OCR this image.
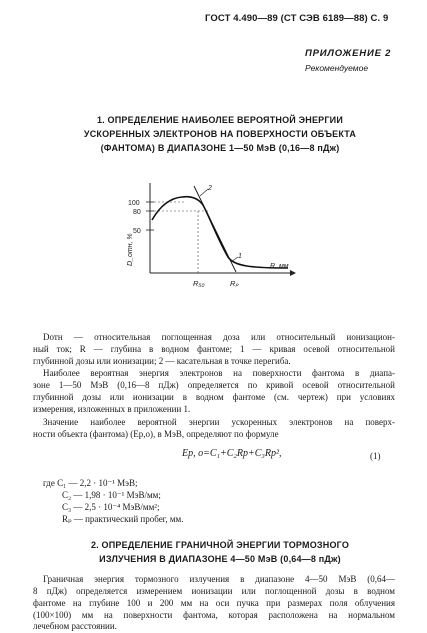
ГОСТ 4.490—89 (СТ СЭВ 6189—88) С. 9
ПРИЛОЖЕНИЕ 2
Рекомендуемое
1. ОПРЕДЕЛЕНИЕ НАИБОЛЕЕ ВЕРОЯТНОЙ ЭНЕРГИИ
УСКОРЕННЫХ ЭЛЕКТРОНОВ НА ПОВЕРХНОСТИ ОБЪЕКТА
(ФАНТОМА) В ДИАПАЗОНЕ 1—50 МэВ (0,16—8 пДж)
100
80
50
D_отн, %
R, мм
R₅₀	Rₚ
1
2
Dотн — относительная поглощенная доза или относительный ионизацион-
ный ток; R — глубина в водном фантоме; 1 — кривая осевой относительной
глубинной дозы или ионизации; 2 — касательная в точке перегиба.
Наиболее вероятная энергия электронов на поверхности фантома в диапа-
зоне 1—50 МэВ (0,16—8 пДж) определяется по кривой осевой относительной
глубинной дозы или ионизации в водном фантоме (см. чертеж) при условиях
измерения, изложенных в приложении 1.
Значение наиболее вероятной энергии ускоренных электронов на поверх-
ности объекта (фантома) (Ep,o), в МэВ, определяют по формуле
Ep, o=C₁+C₂Rp+C₃Rp²,	(1)
где C₁ — 2,2 · 10⁻¹ МэВ;
C₂ — 1,98 · 10⁻¹ МэВ/мм;
C₃ — 2,5 · 10⁻⁴ МэВ/мм²;
Rₚ — практический пробег, мм.
2. ОПРЕДЕЛЕНИЕ ГРАНИЧНОЙ ЭНЕРГИИ ТОРМОЗНОГО
ИЗЛУЧЕНИЯ В ДИАПАЗОНЕ 4—50 МэВ (0,64—8 пДж)
Граничная энергия тормозного излучения в диапазоне 4—50 МэВ (0,64—
8 пДж) определяется измерением ионизации или поглощенной дозы в водном
фантоме на глубине 100 и 200 мм на оси пучка при размерах поля облучения
(100×100) мм на поверхности фантома, которая расположена на нормальном
лечебном расстоянии.
